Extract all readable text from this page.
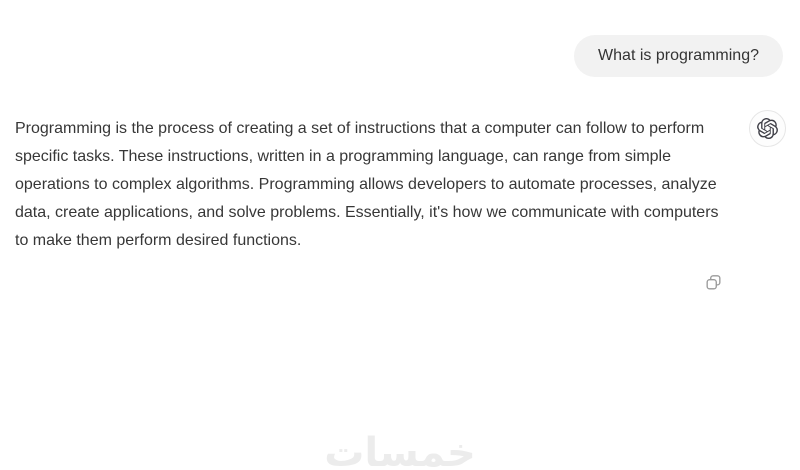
What is programming?
Programming is the process of creating a set of instructions that a computer can follow to perform specific tasks. These instructions, written in a programming language, can range from simple operations to complex algorithms. Programming allows developers to automate processes, analyze data, create applications, and solve problems. Essentially, it's how we communicate with computers to make them perform desired functions.
خمسات
